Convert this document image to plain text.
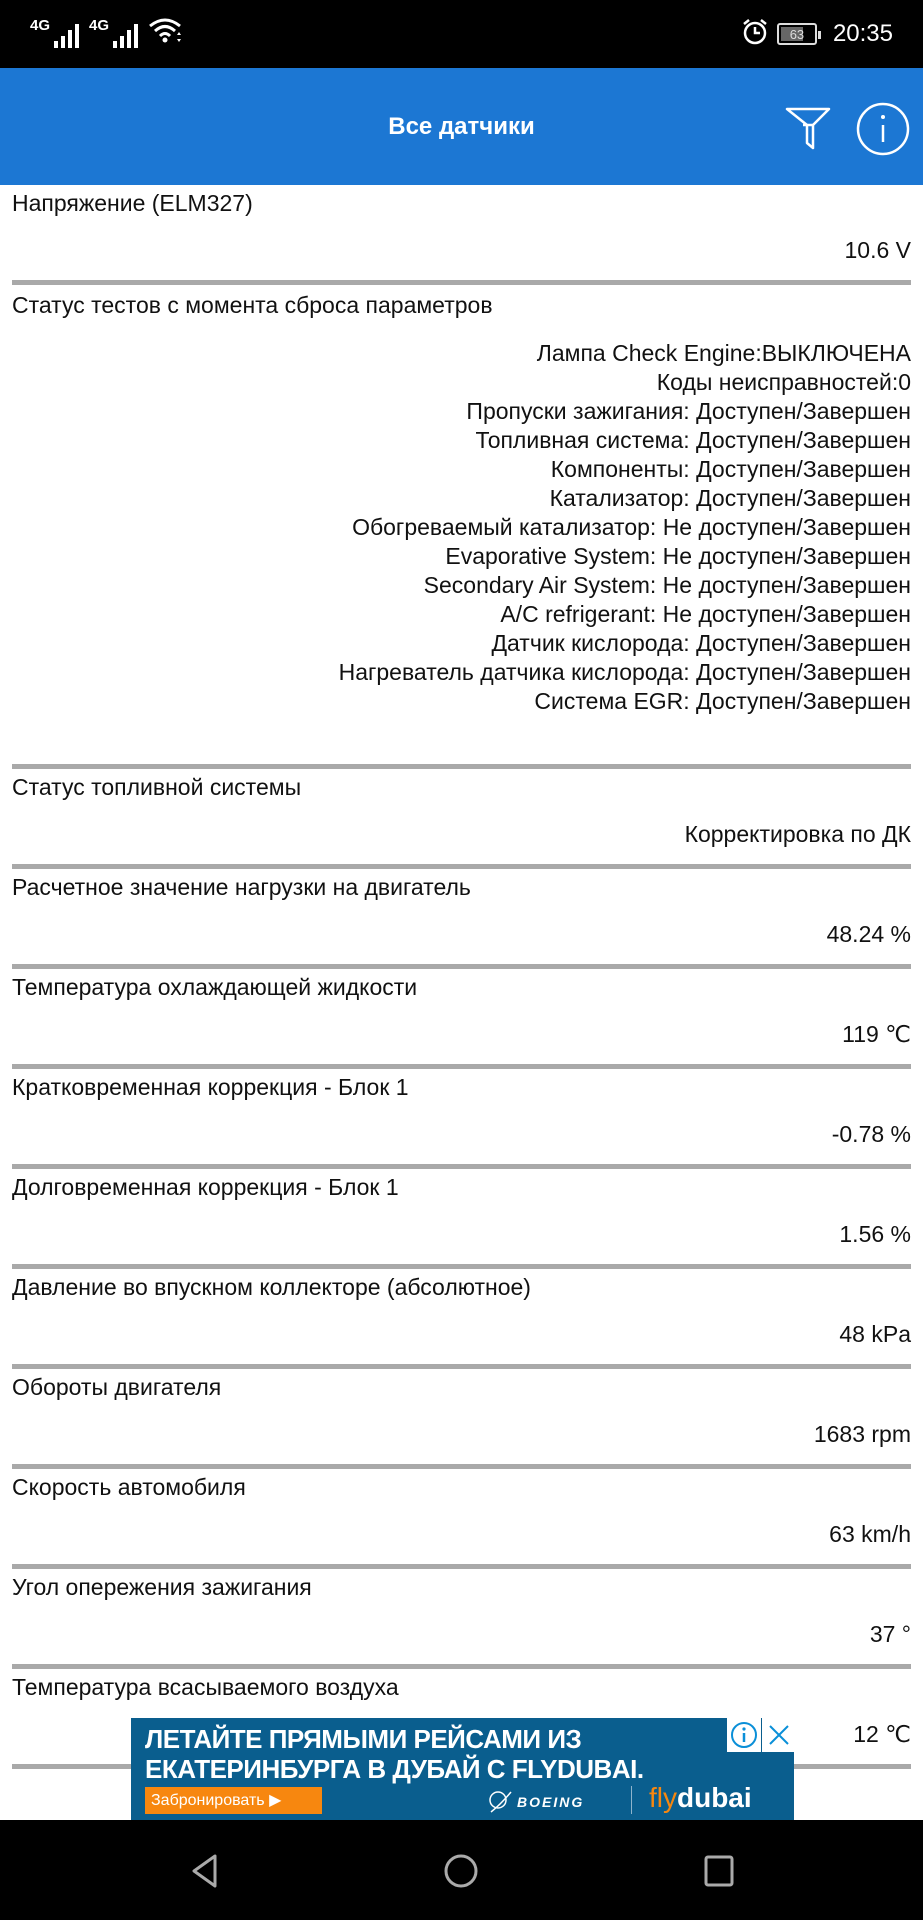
4G	4G	63 20:35
Все датчики
Напряжение (ELM327)
10.6 V
Статус тестов с момента сброса параметров
Лампа Check Engine:ВЫКЛЮЧЕНА
Коды неисправностей:0
Пропуски зажигания: Доступен/Завершен
Топливная система: Доступен/Завершен
Компоненты: Доступен/Завершен
Катализатор: Доступен/Завершен
Обогреваемый катализатор: Не доступен/Завершен
Evaporative System: Не доступен/Завершен
Secondary Air System: Не доступен/Завершен
A/C refrigerant: Не доступен/Завершен
Датчик кислорода: Доступен/Завершен
Нагреватель датчика кислорода: Доступен/Завершен
Система EGR: Доступен/Завершен
Статус топливной системы
Корректировка по ДК
Расчетное значение нагрузки на двигатель
48.24 %
Температура охлаждающей жидкости
119 ℃
Кратковременная коррекция - Блок 1
-0.78 %
Долговременная коррекция - Блок 1
1.56 %
Давление во впускном коллекторе (абсолютное)
48 kPa
Обороты двигателя
1683 rpm
Скорость автомобиля
63 km/h
Угол опережения зажигания
37 °
Температура всасываемого воздуха
12 ℃
ЛЕТАЙТЕ ПРЯМЫМИ РЕЙСАМИ ИЗ
ЕКАТЕРИНБУРГА В ДУБАЙ С FLYDUBAI.
Забронировать ▶	BOEING flydubai
